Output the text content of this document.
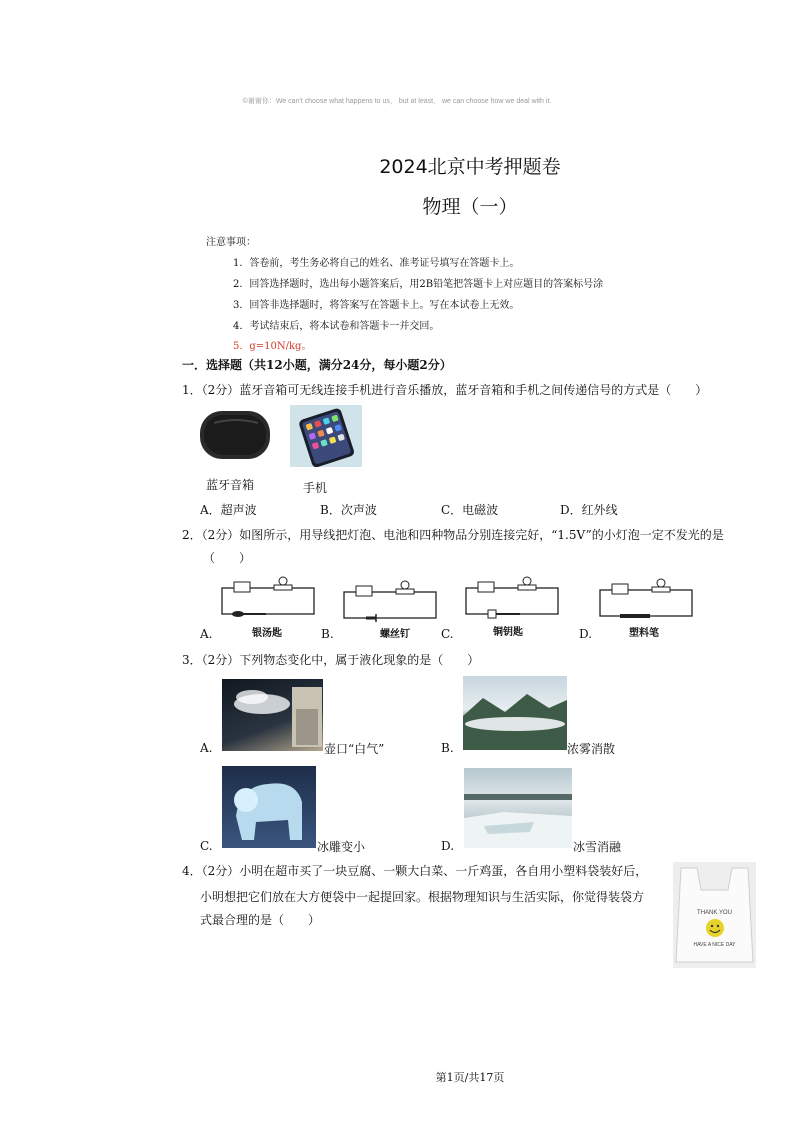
©谢谢你：We can't choose what happens to us， but at least， we can choose how we deal with it.
2024北京中考押题卷
物理（一）
注意事项：
1．答卷前，考生务必将自己的姓名、准考证号填写在答题卡上。
2．回答选择题时，选出每小题答案后，用2B铅笔把答题卡上对应题目的答案标号涂
3．回答非选择题时，将答案写在答题卡上。写在本试卷上无效。
4．考试结束后，将本试卷和答题卡一并交回。
5．g=10N/kg。
一．选择题（共12小题，满分24分，每小题2分）
1．（2分）蓝牙音箱可无线连接手机进行音乐播放，蓝牙音箱和手机之间传递信号的方式是（　　）
蓝牙音箱	手机
A．超声波	B．次声波	C．电磁波	D．红外线
2．（2分）如图所示，用导线把灯泡、电池和四种物品分别连接完好，“1.5V”的小灯泡一定不发光的是
（　　）
A.	银汤匙	B.	螺丝钉	C.	铜钥匙	D.	塑料笔
3．（2分）下列物态变化中，属于液化现象的是（　　）
A.	壶口“白气”	B.	浓雾消散
C.	冰雕变小	D.	冰雪消融
4．（2分）小明在超市买了一块豆腐、一颗大白菜、一斤鸡蛋，各自用小塑料袋装好后，
小明想把它们放在大方便袋中一起提回家。根据物理知识与生活实际，你觉得装袋方
式最合理的是（　　）	THANK YOU
HAVE A NICE DAY
第1页/共17页
